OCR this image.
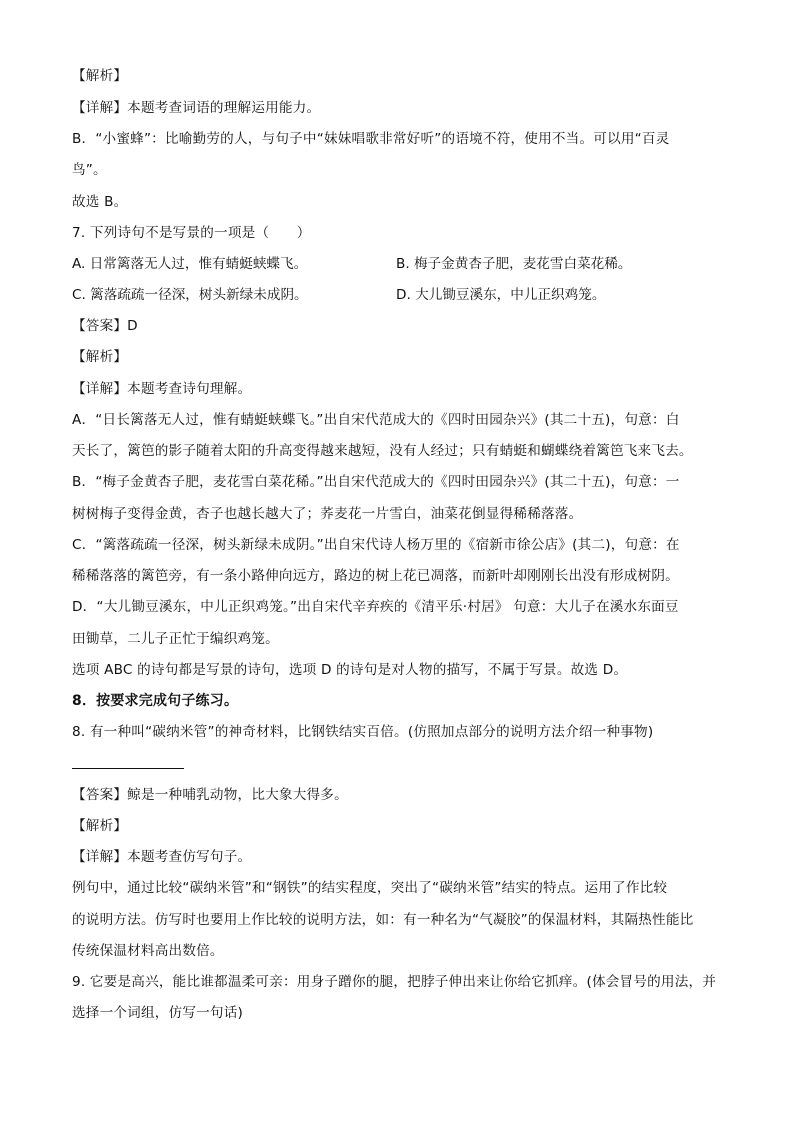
【解析】
【详解】本题考查词语的理解运用能力。
B．“小蜜蜂”：比喻勤劳的人，与句子中“妹妹唱歌非常好听”的语境不符，使用不当。可以用“百灵
鸟”。
故选 B。
7. 下列诗句不是写景的一项是（　　）
A. 日常篱落无人过，惟有蜻蜓蛱蝶飞。	B. 梅子金黄杏子肥，麦花雪白菜花稀。
C. 篱落疏疏一径深，树头新绿未成阴。	D. 大儿锄豆溪东，中儿正织鸡笼。
【答案】D
【解析】
【详解】本题考查诗句理解。
A．“日长篱落无人过，惟有蜻蜓蛱蝶飞。”出自宋代范成大的《四时田园杂兴》(其二十五)，句意：白
天长了，篱笆的影子随着太阳的升高变得越来越短，没有人经过；只有蜻蜓和蝴蝶绕着篱笆飞来飞去。
B．“梅子金黄杏子肥，麦花雪白菜花稀。”出自宋代范成大的《四时田园杂兴》(其二十五)，句意：一
树树梅子变得金黄，杏子也越长越大了；荞麦花一片雪白，油菜花倒显得稀稀落落。
C．“篱落疏疏一径深，树头新绿未成阴。”出自宋代诗人杨万里的《宿新市徐公店》(其二)，句意：在
稀稀落落的篱笆旁，有一条小路伸向远方，路边的树上花已凋落，而新叶却刚刚长出没有形成树阴。
D．“大儿锄豆溪东，中儿正织鸡笼。”出自宋代辛弃疾的《清平乐·村居》 句意：大儿子在溪水东面豆
田锄草，二儿子正忙于编织鸡笼。
选项 ABC 的诗句都是写景的诗句，选项 D 的诗句是对人物的描写，不属于写景。故选 D。
8．按要求完成句子练习。
8. 有一种叫“碳纳米管”的神奇材料，比钢铁结实百倍。(仿照加点部分的说明方法介绍一种事物)
【答案】鲸是一种哺乳动物，比大象大得多。
【解析】
【详解】本题考查仿写句子。
例句中，通过比较“碳纳米管”和“钢铁”的结实程度，突出了“碳纳米管”结实的特点。运用了作比较
的说明方法。仿写时也要用上作比较的说明方法，如：有一种名为“气凝胶”的保温材料，其隔热性能比
传统保温材料高出数倍。
9. 它要是高兴，能比谁都温柔可亲：用身子蹭你的腿，把脖子伸出来让你给它抓痒。(体会冒号的用法，并
选择一个词组，仿写一句话)
